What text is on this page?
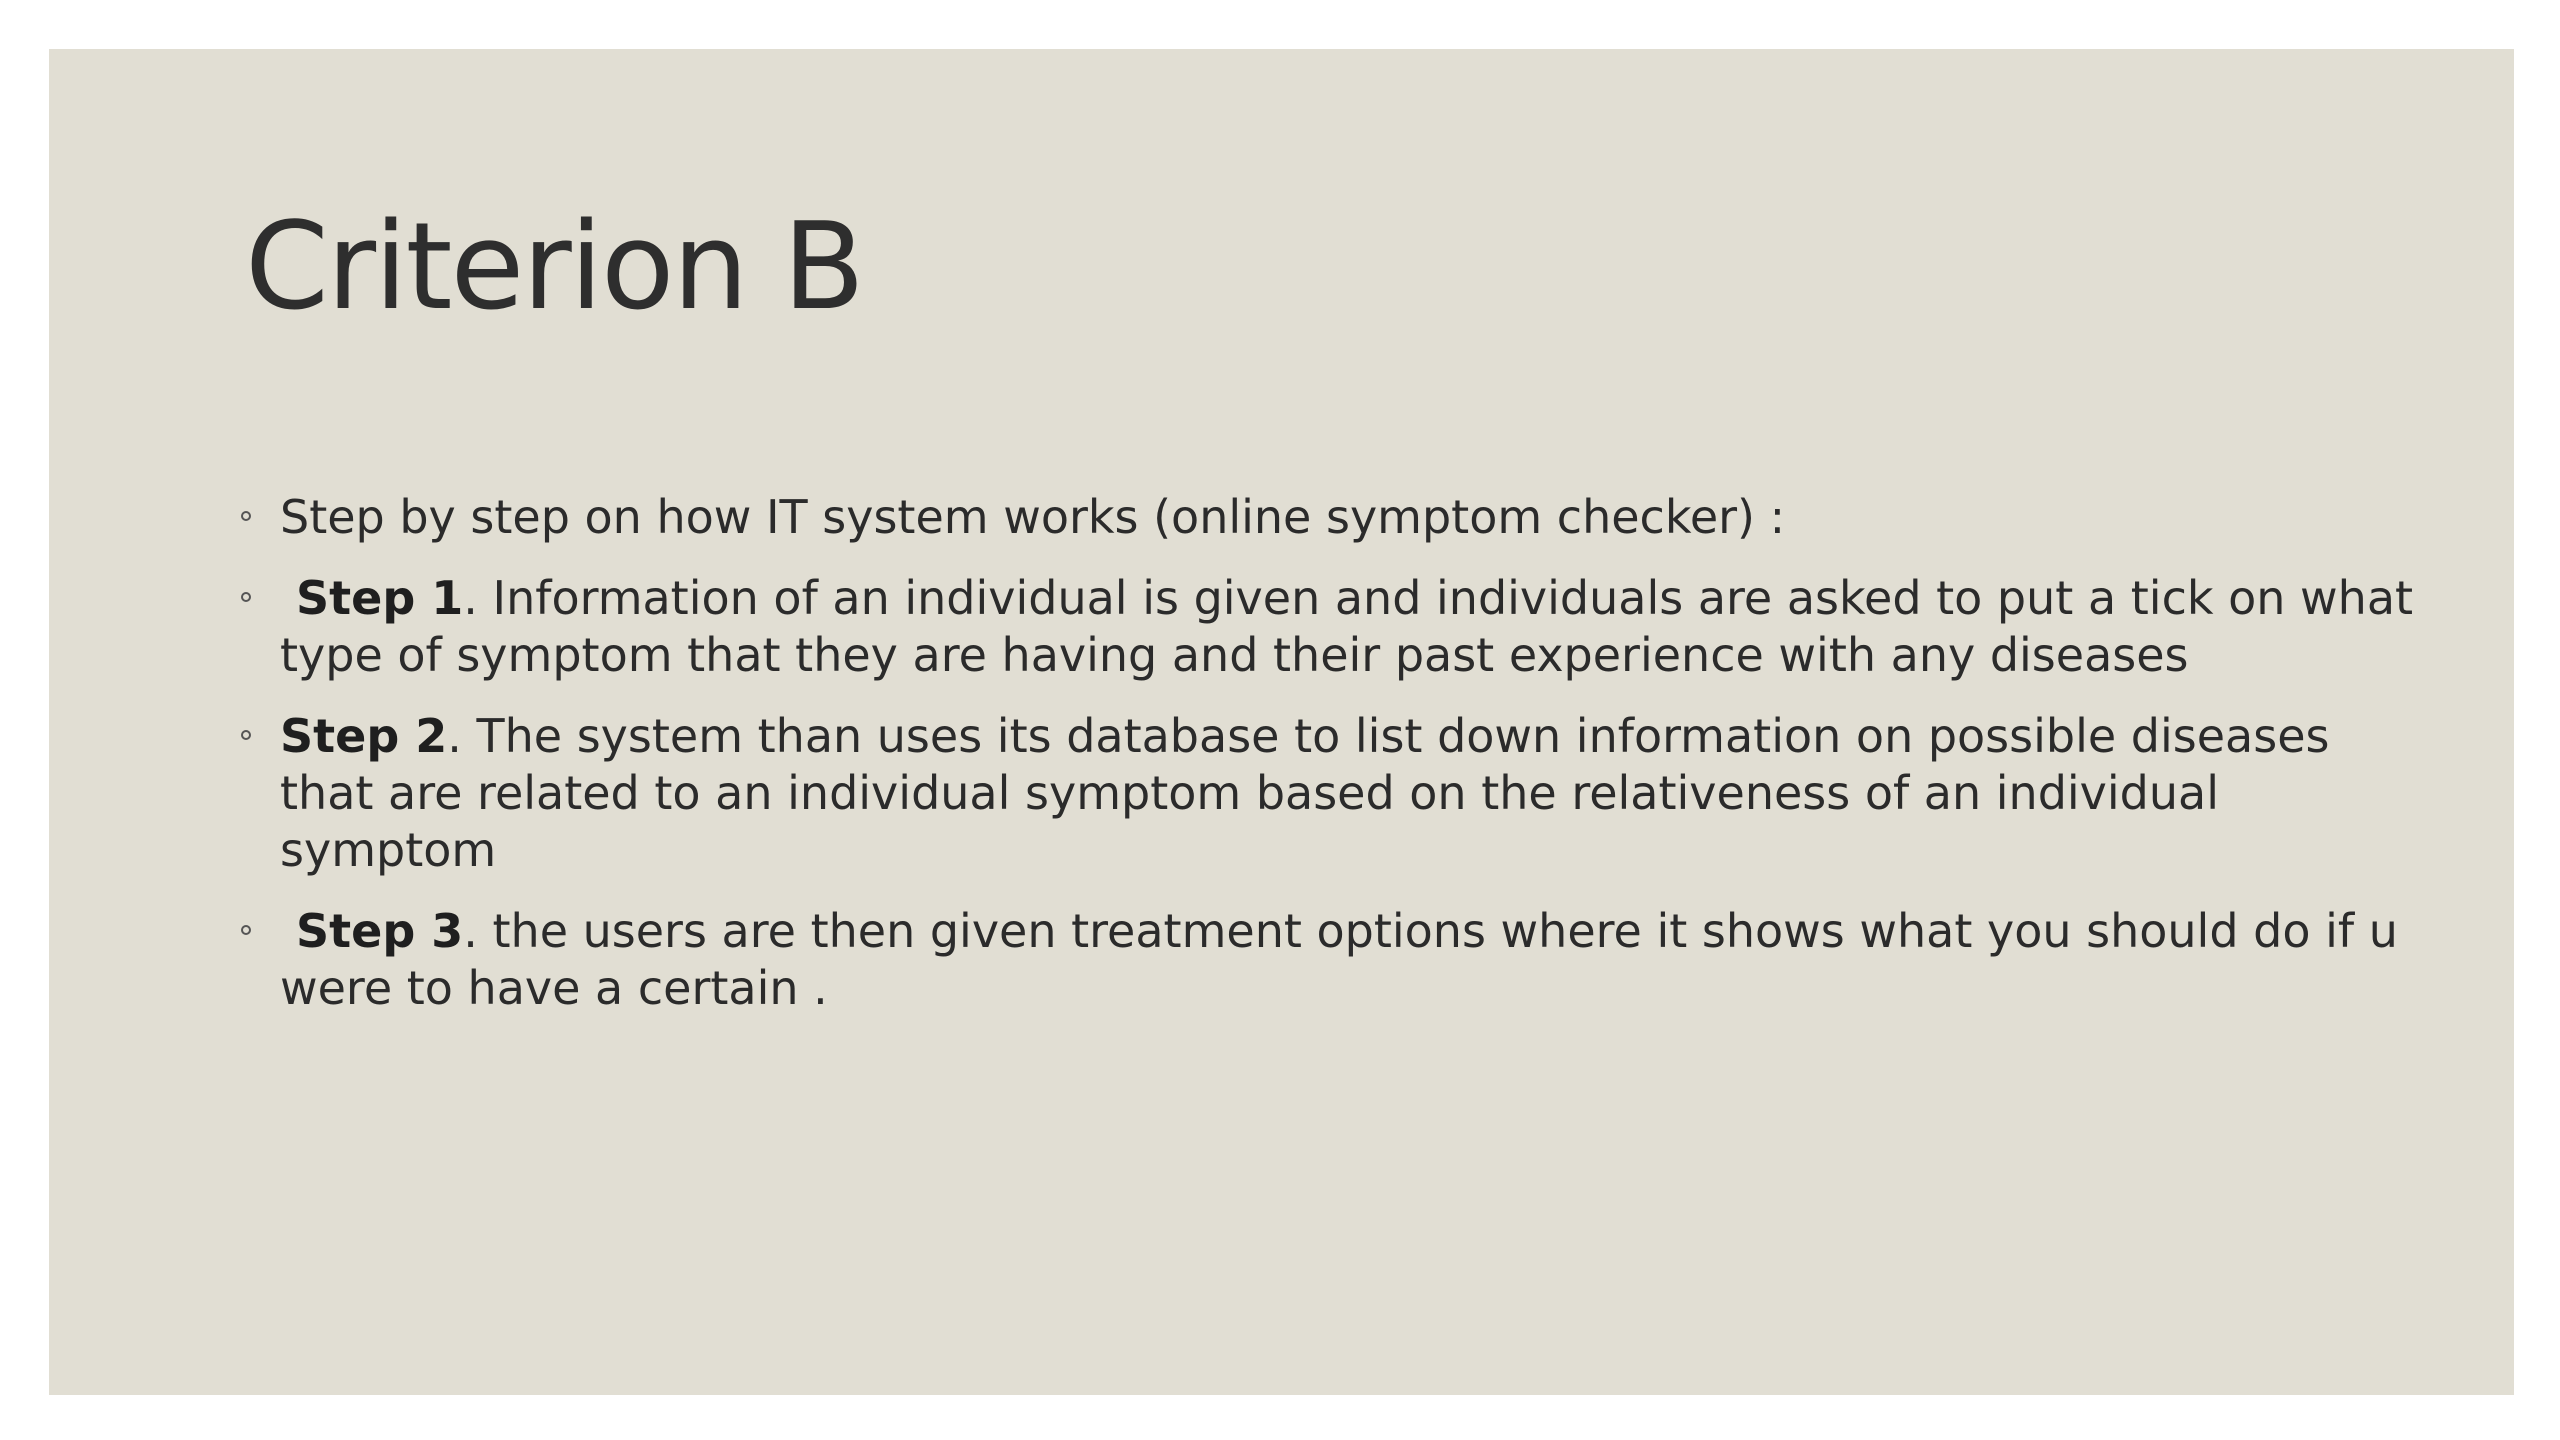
Criterion B
Step by step on how IT system works (online symptom checker) :
Step 1. Information of an individual is given and individuals are asked to put a tick on what type of symptom that they are having and their past experience with any diseases
Step 2. The system than uses its database to list down information on possible diseases that are related to an individual symptom based on the relativeness of an individual symptom
Step 3. the users are then given treatment options where it shows what you should do if u were to have a certain .
